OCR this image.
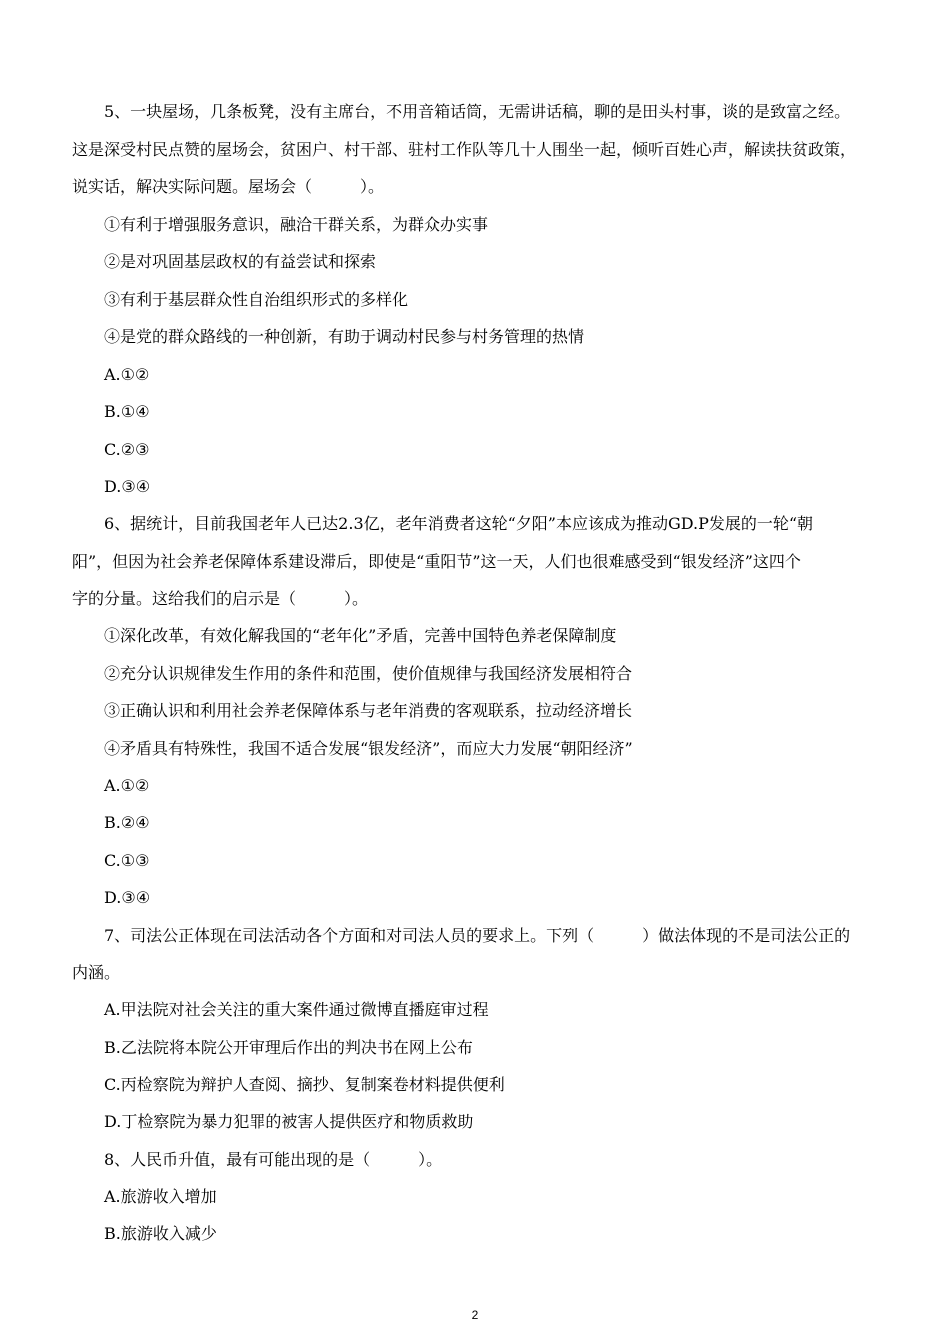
5、一块屋场，几条板凳，没有主席台，不用音箱话筒，无需讲话稿，聊的是田头村事，谈的是致富之经。
这是深受村民点赞的屋场会，贫困户、村干部、驻村工作队等几十人围坐一起，倾听百姓心声，解读扶贫政策，
说实话，解决实际问题。屋场会（　　　）。
①有利于增强服务意识，融洽干群关系，为群众办实事
②是对巩固基层政权的有益尝试和探索
③有利于基层群众性自治组织形式的多样化
④是党的群众路线的一种创新，有助于调动村民参与村务管理的热情
A.①②
B.①④
C.②③
D.③④
6、据统计，目前我国老年人已达2.3亿，老年消费者这轮“夕阳”本应该成为推动GD.P发展的一轮“朝
阳”，但因为社会养老保障体系建设滞后，即使是“重阳节”这一天，人们也很难感受到“银发经济”这四个
字的分量。这给我们的启示是（　　　）。
①深化改革，有效化解我国的“老年化”矛盾，完善中国特色养老保障制度
②充分认识规律发生作用的条件和范围，使价值规律与我国经济发展相符合
③正确认识和利用社会养老保障体系与老年消费的客观联系，拉动经济增长
④矛盾具有特殊性，我国不适合发展“银发经济”，而应大力发展“朝阳经济”
A.①②
B.②④
C.①③
D.③④
7、司法公正体现在司法活动各个方面和对司法人员的要求上。下列（　　　）做法体现的不是司法公正的
内涵。
A.甲法院对社会关注的重大案件通过微博直播庭审过程
B.乙法院将本院公开审理后作出的判决书在网上公布
C.丙检察院为辩护人查阅、摘抄、复制案卷材料提供便利
D.丁检察院为暴力犯罪的被害人提供医疗和物质救助
8、人民币升值，最有可能出现的是（　　　）。
A.旅游收入增加
B.旅游收入减少
2
